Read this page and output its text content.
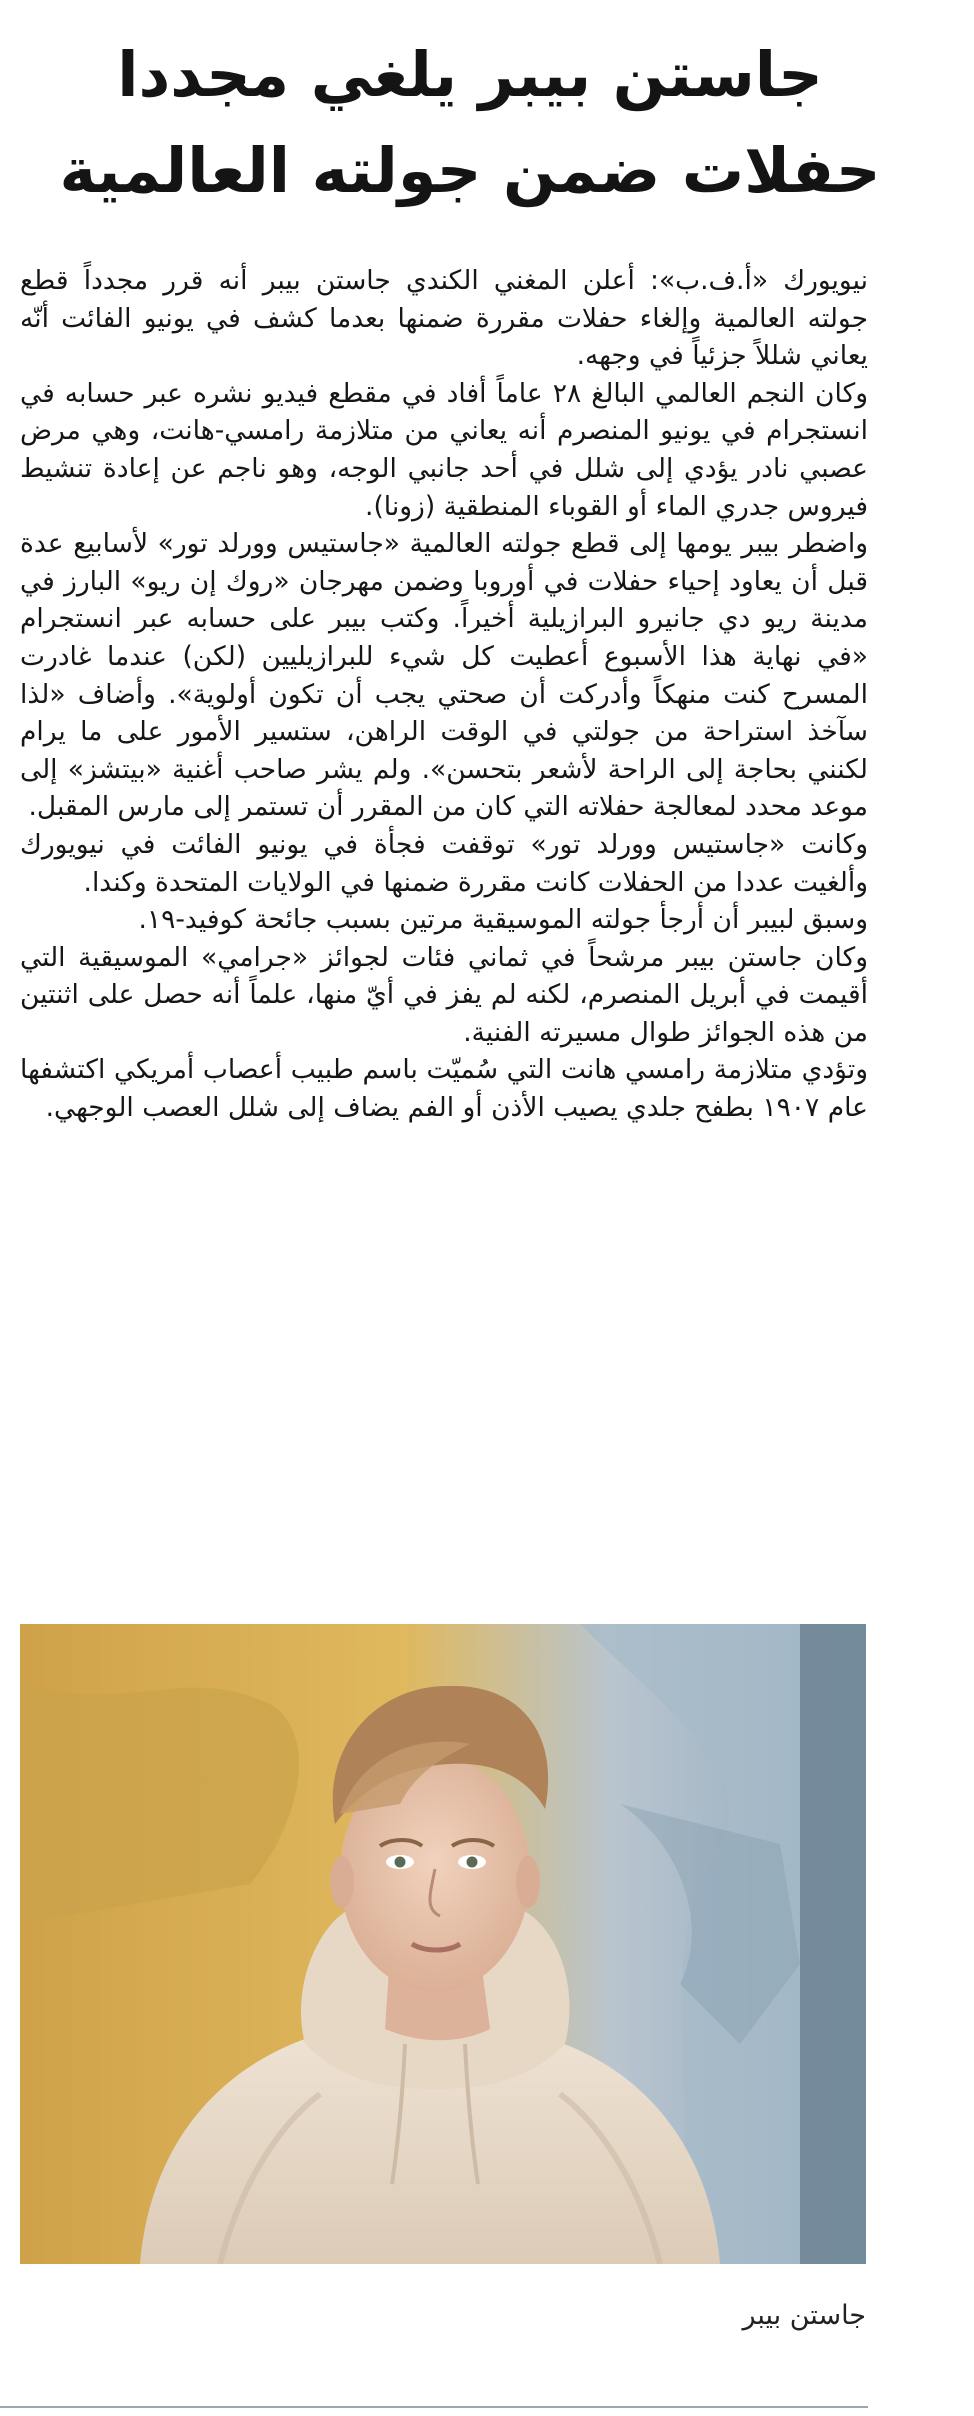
جاستن بيبر يلغي مجددا
حفلات ضمن جولته العالمية

نيويورك «أ.ف.ب»: أعلن المغني الكندي جاستن بيبر أنه قرر مجدداً قطع جولته العالمية وإلغاء حفلات مقررة ضمنها بعدما كشف في يونيو الفائت أنّه يعاني شللاً جزئياً في وجهه.

وكان النجم العالمي البالغ ٢٨ عاماً أفاد في مقطع فيديو نشره عبر حسابه في انستجرام في يونيو المنصرم أنه يعاني من متلازمة رامسي-هانت، وهي مرض عصبي نادر يؤدي إلى شلل في أحد جانبي الوجه، وهو ناجم عن إعادة تنشيط فيروس جدري الماء أو القوباء المنطقية (زونا).

واضطر بيبر يومها إلى قطع جولته العالمية «جاستيس وورلد تور» لأسابيع عدة قبل أن يعاود إحياء حفلات في أوروبا وضمن مهرجان «روك إن ريو» البارز في مدينة ريو دي جانيرو البرازيلية أخيراً. وكتب بيبر على حسابه عبر انستجرام «في نهاية هذا الأسبوع أعطيت كل شيء للبرازيليين (لكن) عندما غادرت المسرح كنت منهكاً وأدركت أن صحتي يجب أن تكون أولوية». وأضاف «لذا سآخذ استراحة من جولتي في الوقت الراهن، ستسير الأمور على ما يرام لكنني بحاجة إلى الراحة لأشعر بتحسن». ولم يشر صاحب أغنية «بيتشز» إلى موعد محدد لمعالجة حفلاته التي كان من المقرر أن تستمر إلى مارس المقبل.

وكانت «جاستيس وورلد تور» توقفت فجأة في يونيو الفائت في نيويورك وألغيت عددا من الحفلات كانت مقررة ضمنها في الولايات المتحدة وكندا.

وسبق لبيبر أن أرجأ جولته الموسيقية مرتين بسبب جائحة كوفيد-١٩.

وكان جاستن بيبر مرشحاً في ثماني فئات لجوائز «جرامي» الموسيقية التي أقيمت في أبريل المنصرم، لكنه لم يفز في أيّ منها، علماً أنه حصل على اثنتين من هذه الجوائز طوال مسيرته الفنية.

وتؤدي متلازمة رامسي هانت التي سُميّت باسم طبيب أعصاب أمريكي اكتشفها عام ١٩٠٧ بطفح جلدي يصيب الأذن أو الفم يضاف إلى شلل العصب الوجهي.

جاستن بيبر
